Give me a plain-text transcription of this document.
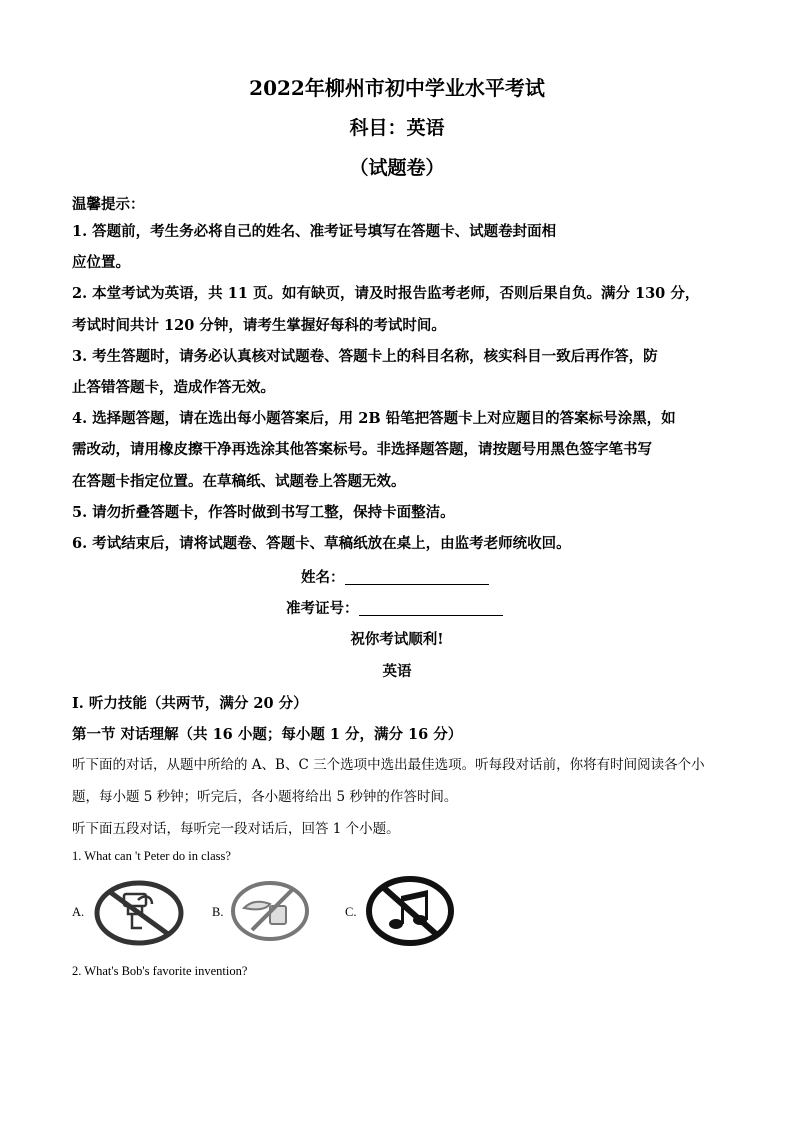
2022年柳州市初中学业水平考试
科目：英语
（试题卷）
温馨提示：
1. 答题前，考生务必将自己的姓名、准考证号填写在答题卡、试题卷封面相
应位置。
2. 本堂考试为英语，共 11 页。如有缺页，请及时报告监考老师，否则后果自负。满分 130 分，
考试时间共计 120 分钟，请考生掌握好每科的考试时间。
3. 考生答题时，请务必认真核对试题卷、答题卡上的科目名称，核实科目一致后再作答，防
止答错答题卡，造成作答无效。
4. 选择题答题，请在选出每小题答案后，用 2B 铅笔把答题卡上对应题目的答案标号涂黑，如
需改动，请用橡皮擦干净再选涂其他答案标号。非选择题答题，请按题号用黑色签字笔书写
在答题卡指定位置。在草稿纸、试题卷上答题无效。
5. 请勿折叠答题卡，作答时做到书写工整，保持卡面整洁。
6. 考试结束后，请将试题卷、答题卡、草稿纸放在桌上，由监考老师统收回。
姓名：
准考证号：
祝你考试顺利!
英语
I. 听力技能（共两节，满分 20 分）
第一节 对话理解（共 16 小题；每小题 1 分，满分 16 分）
听下面的对话，从题中所给的 A、B、C 三个选项中选出最佳选项。听每段对话前，你将有时间阅读各个小
题，每小题 5 秒钟；听完后，各小题将给出 5 秒钟的作答时间。
听下面五段对话，每听完一段对话后，回答 1 个小题。
1. What can 't Peter do in class?
A.	B.	C.
2. What's Bob's favorite invention?
